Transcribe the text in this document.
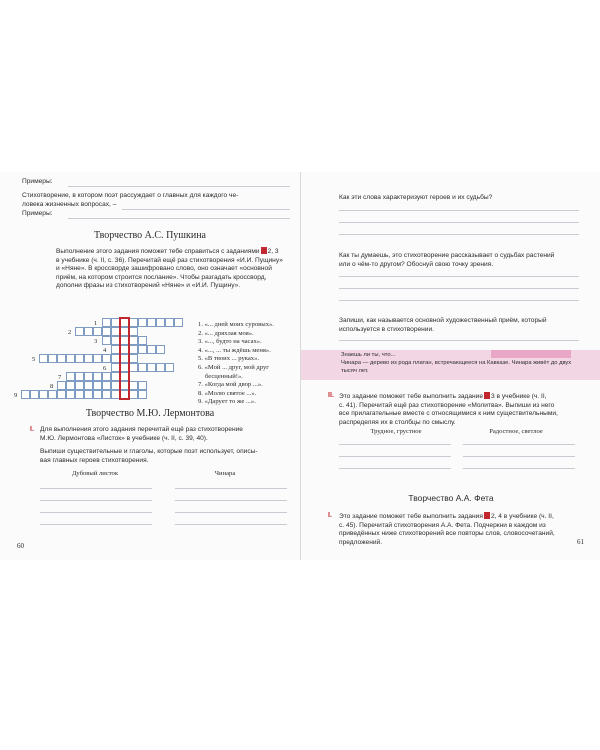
Примеры:
Стихотворение, в котором поэт рассуждает о главных для каждого че-
ловека жизненных вопросах, –
Примеры:
Творчество А.С. Пушкина
Выполнение этого задания поможет тебе справиться с заданиями 2, 3
в учебнике (ч. II, с. 36). Перечитай ещё раз стихотворения «И.И. Пущину»
и «Няне». В кроссворде зашифровано слово, оно означает «основной
приём, на котором строится послание». Чтобы разгадать кроссворд,
дополни фразы из стихотворений «Няне» и «И.И. Пущину».
1
2
3
4
5
6
7
8
9
1. «... дней моих суровых».
2. «... дряхлая моя».
3. «..., будто на часах».
4. «..., ... ты ждёшь меня».
5. «В твоих ... руках».
6. «Мой ... друг, мой друг
бесценный!».
7. «Когда мой двор ...».
8. «Молю святое ...».
9. «Дарует то же ...».
Творчество М.Ю. Лермонтова
I. Для выполнения этого задания перечитай ещё раз стихотворение
М.Ю. Лермонтова «Листок» в учебнике (ч. II, с. 39, 40).
Выпиши существительные и глаголы, которые поэт использует, описы-
вая главных героев стихотворения.
Дубовый листок	Чинара
60
Как эти слова характеризуют героев и их судьбы?
Как ты думаешь, это стихотворение рассказывает о судьбах растений
или о чём-то другом? Обоснуй свою точку зрения.
Запиши, как называется основной художественный приём, который
используется в стихотворении.
Знаешь ли ты, что...
Чинара — дерево из рода платан, встречающееся на Кавказе. Чинара живёт до двух
тысяч лет.
II. Это задание поможет тебе выполнить задание 3 в учебнике (ч. II,
с. 41). Перечитай ещё раз стихотворение «Молитва». Выпиши из него
все прилагательные вместе с относящимися к ним существительными,
распределяя их в столбцы по смыслу.
Трудное, грустное	Радостное, светлое
Творчество А.А. Фета
I. Это задание поможет тебе выполнить задания 2, 4 в учебнике (ч. II,
с. 45). Перечитай стихотворения А.А. Фета. Подчеркни в каждом из
приведённых ниже стихотворений все повторы слов, словосочетаний,
предложений.	61
